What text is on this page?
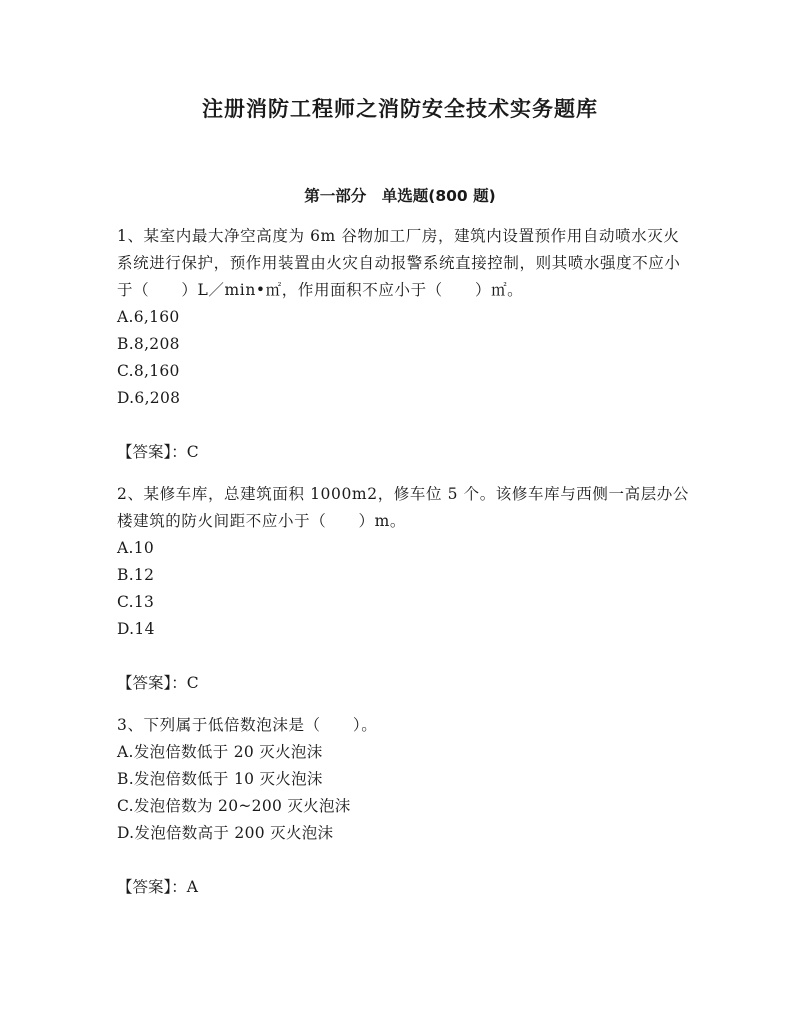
注册消防工程师之消防安全技术实务题库
第一部分　单选题(800 题)

1、某室内最大净空高度为 6m 谷物加工厂房，建筑内设置预作用自动喷水灭火系统进行保护，预作用装置由火灾自动报警系统直接控制，则其喷水强度不应小于（　　）L／min•㎡，作用面积不应小于（　　）㎡。

A.6,160

B.8,208

C.8,160

D.6,208

【答案】：C

2、某修车库，总建筑面积 1000m2，修车位 5 个。该修车库与西侧一高层办公楼建筑的防火间距不应小于（　　）m。

A.10

B.12

C.13

D.14

【答案】：C

3、下列属于低倍数泡沫是（　　）。

A.发泡倍数低于 20 灭火泡沫

B.发泡倍数低于 10 灭火泡沫

C.发泡倍数为 20~200 灭火泡沫

D.发泡倍数高于 200 灭火泡沫

【答案】：A
